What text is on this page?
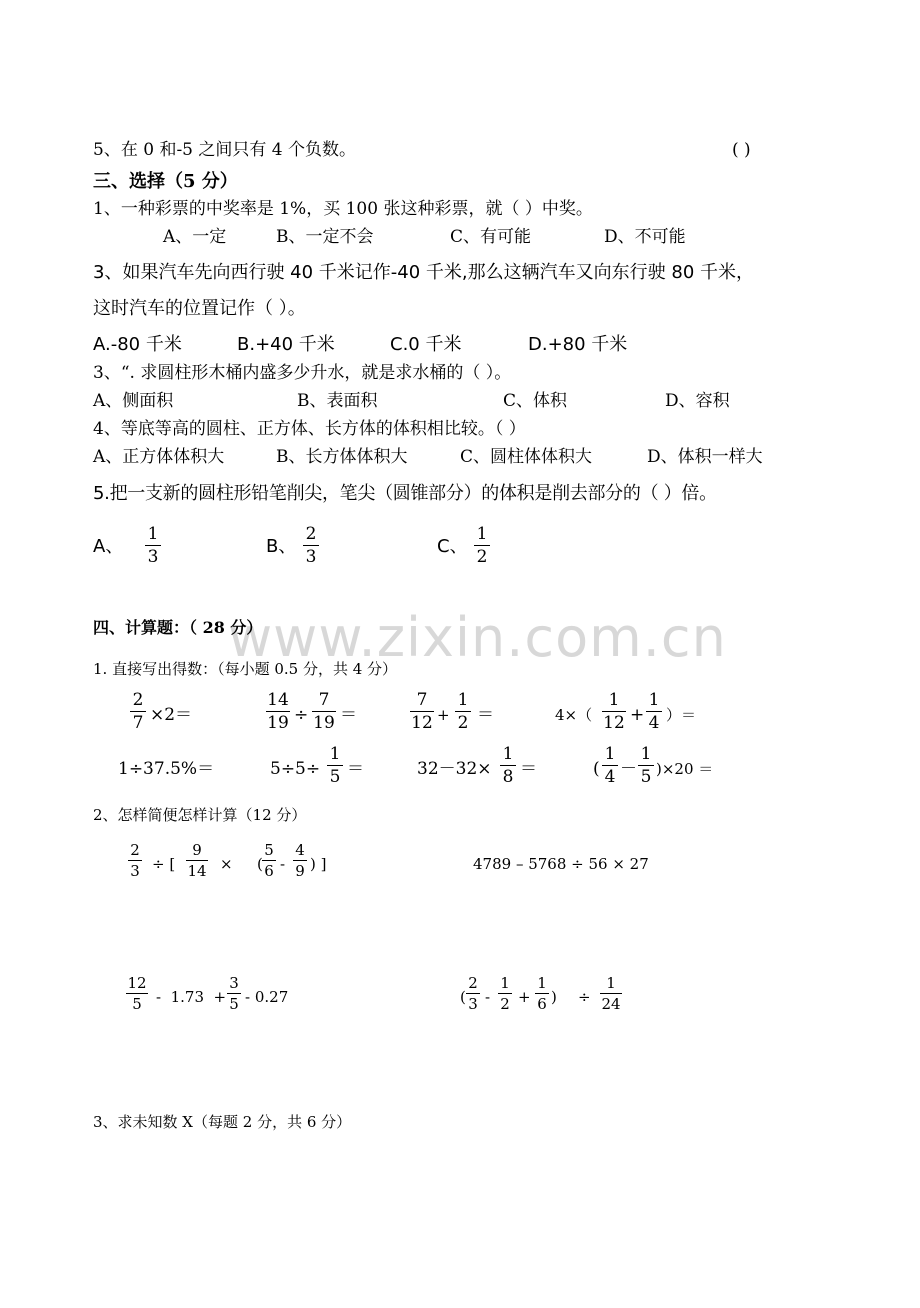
www.zixin.com.cn
5、在 0 和-5 之间只有 4 个负数。	( )
三、选择（5 分）
1、一种彩票的中奖率是 1%，买 100 张这种彩票，就（ ）中奖。
A、一定	B、一定不会	C、有可能	D、不可能
3、如果汽车先向西行驶 40 千米记作-40 千米,那么这辆汽车又向东行驶 80 千米，
这时汽车的位置记作（ ）。
A.-80 千米	B.+40 千米	C.0 千米	D.+80 千米
3、“. 求圆柱形木桶内盛多少升水，就是求水桶的（ ）。
A、侧面积	B、表面积	C、体积	D、容积
4、等底等高的圆柱、正方体、长方体的体积相比较。（ ）
A、正方体体积大	B、长方体体积大	C、圆柱体体积大	D、体积一样大
5.把一支新的圆柱形铅笔削尖，笔尖（圆锥部分）的体积是削去部分的（ ）倍。
A、
1
3	B、
2
3	C、
1
2
四、计算题：（ 28 分）
1. 直接写出得数：（每小题 0.5 分，共 4 分）
2
7 ×2＝
14
19 ÷
7
19 ＝
7
12 +
1
2 ＝	4×（
1
12 +
1
4 ）＝
1÷37.5%＝	5÷5÷
1
5 ＝	32－32×
1
8 ＝	(
1
4 －
1
5 )×20 ＝
2、怎样简便怎样计算（12 分）
2
3 ÷ [
9
14 × (
5
6 -
4
9 ) ]	4789 – 5768 ÷ 56 × 27
12
5 -  1.73  +
3
5 - 0.27	(
2
3 -
1
2 +
1
6 ) ÷
1
24
3、求未知数 X（每题 2 分，共 6 分）
